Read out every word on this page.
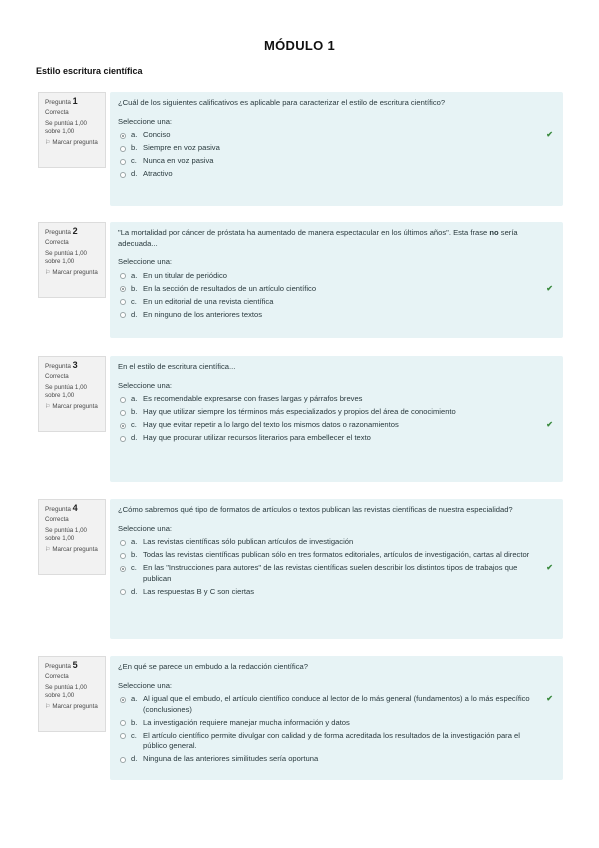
MÓDULO 1
Estilo escritura científica
Pregunta 1
Correcta
Se puntúa 1,00 sobre 1,00
⚐ Marcar pregunta
¿Cuál de los siguientes calificativos es aplicable para caracterizar el estilo de escritura científico?
Seleccione una:
a. Conciso	✔
b. Siempre en voz pasiva
c. Nunca en voz pasiva
d. Atractivo
Pregunta 2
Correcta
Se puntúa 1,00 sobre 1,00
⚐ Marcar pregunta
"La mortalidad por cáncer de próstata ha aumentado de manera espectacular en los últimos años". Esta frase no sería adecuada...
Seleccione una:
a. En un titular de periódico
b. En la sección de resultados de un artículo científico	✔
c. En un editorial de una revista científica
d. En ninguno de los anteriores textos
Pregunta 3
Correcta
Se puntúa 1,00 sobre 1,00
⚐ Marcar pregunta
En el estilo de escritura científica...
Seleccione una:
a. Es recomendable expresarse con frases largas y párrafos breves
b. Hay que utilizar siempre los términos más especializados y propios del área de conocimiento
c. Hay que evitar repetir a lo largo del texto los mismos datos o razonamientos	✔
d. Hay que procurar utilizar recursos literarios para embellecer el texto
Pregunta 4
Correcta
Se puntúa 1,00 sobre 1,00
⚐ Marcar pregunta
¿Cómo sabremos qué tipo de formatos de artículos o textos publican las revistas científicas de nuestra especialidad?
Seleccione una:
a. Las revistas científicas sólo publican artículos de investigación
b. Todas las revistas científicas publican sólo en tres formatos editoriales, artículos de investigación, cartas al director
c. En las "Instrucciones para autores" de las revistas científicas suelen describir los distintos tipos de trabajos que publican
✔
d. Las respuestas B y C son ciertas
Pregunta 5
Correcta
Se puntúa 1,00 sobre 1,00
⚐ Marcar pregunta
¿En qué se parece un embudo a la redacción científica?
Seleccione una:
a. Al igual que el embudo, el artículo científico conduce al lector de lo más general (fundamentos) a lo más específico (conclusiones)
✔
b. La investigación requiere manejar mucha información y datos
c. El artículo científico permite divulgar con calidad y de forma acreditada los resultados de la investigación para el público general.
d. Ninguna de las anteriores similitudes sería oportuna
